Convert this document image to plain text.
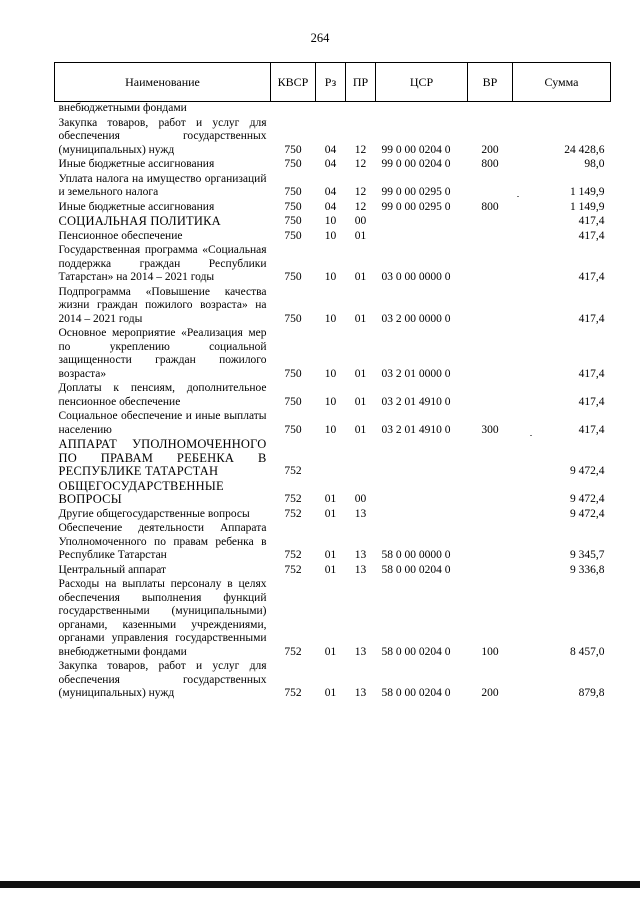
264
Наименование	КВСР	Рз	ПР	ЦСР	ВР	Сумма
внебюджетными фондами						
Закупка товаров, работ и услуг для обеспечения государственных (муниципальных) нужд	750	04	12	99 0 00 0204 0	200	24 428,6
Иные бюджетные ассигнования	750	04	12	99 0 00 0204 0	800	98,0
Уплата налога на имущество организаций и земельного налога	750	04	12	99 0 00 0295 0		1 149,9
Иные бюджетные ассигнования	750	04	12	99 0 00 0295 0	800	1 149,9
СОЦИАЛЬНАЯ ПОЛИТИКА	750	10	00			417,4
Пенсионное обеспечение	750	10	01			417,4
Государственная программа «Социальная поддержка граждан Республики Татарстан» на 2014 – 2021 годы	750	10	01	03 0 00 0000 0		417,4
Подпрограмма «Повышение качества жизни граждан пожилого возраста» на 2014 – 2021 годы	750	10	01	03 2 00 0000 0		417,4
Основное мероприятие «Реализация мер по укреплению социальной защищенности граждан пожилого возраста»	750	10	01	03 2 01 0000 0		417,4
Доплаты к пенсиям, дополнительное пенсионное обеспечение	750	10	01	03 2 01 4910 0		417,4
Социальное обеспечение и иные выплаты населению	750	10	01	03 2 01 4910 0	300	417,4
АППАРАТ УПОЛНОМОЧЕННОГО ПО ПРАВАМ РЕБЕНКА В РЕСПУБЛИКЕ ТАТАРСТАН	752					9 472,4
ОБЩЕГОСУДАРСТВЕННЫЕ ВОПРОСЫ	752	01	00			9 472,4
Другие общегосударственные вопросы	752	01	13			9 472,4
Обеспечение деятельности Аппарата Уполномоченного по правам ребенка в Республике Татарстан	752	01	13	58 0 00 0000 0		9 345,7
Центральный аппарат	752	01	13	58 0 00 0204 0		9 336,8
Расходы на выплаты персоналу в целях обеспечения выполнения функций государственными (муниципальными) органами, казенными учреждениями, органами управления государственными внебюджетными фондами	752	01	13	58 0 00 0204 0	100	8 457,0
Закупка товаров, работ и услуг для обеспечения государственных (муниципальных) нужд	752	01	13	58 0 00 0204 0	200	879,8
